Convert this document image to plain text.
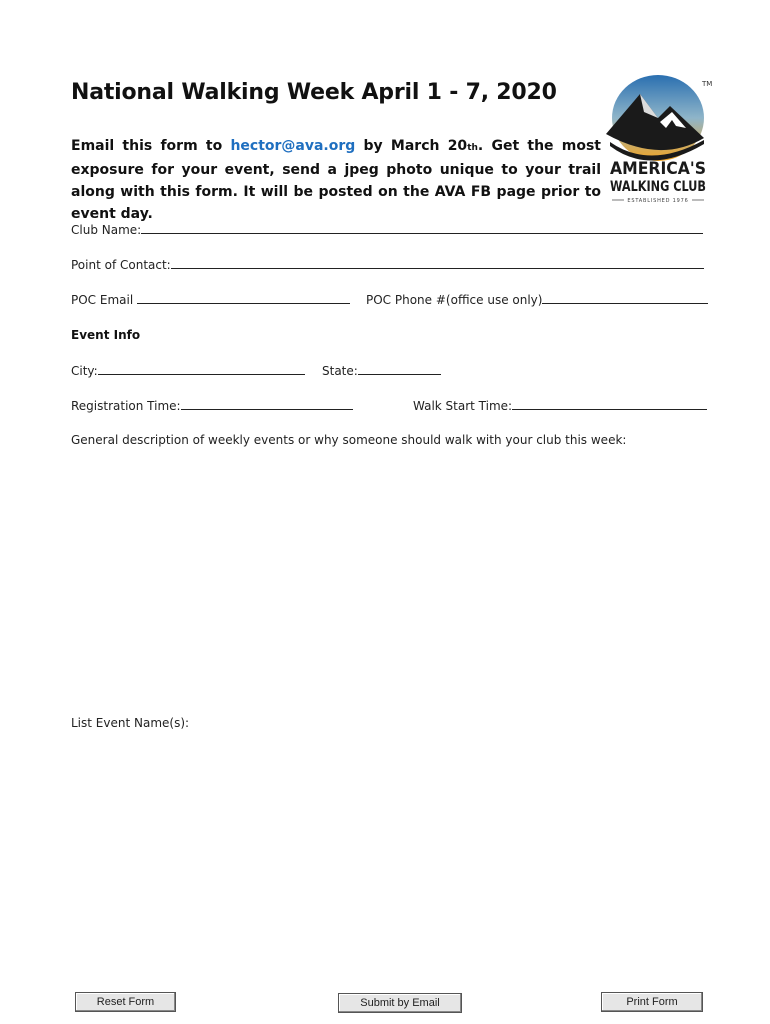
National Walking Week April 1 - 7, 2020
Email this form to hector@ava.org by March 20th. Get the most exposure for your event, send a jpeg photo unique to your trail along with this form. It will be posted on the AVA FB page prior to event day.
TM
AMERICA'S
WALKING CLUB
ESTABLISHED 1976
Club Name:
Point of Contact:
POC Email	POC Phone #(office use only)
Event Info
City:	State:
Registration Time:	Walk Start Time:
General description of weekly events or why someone should walk with your club this week:
List Event Name(s):
Reset Form	Submit by Email	Print Form
